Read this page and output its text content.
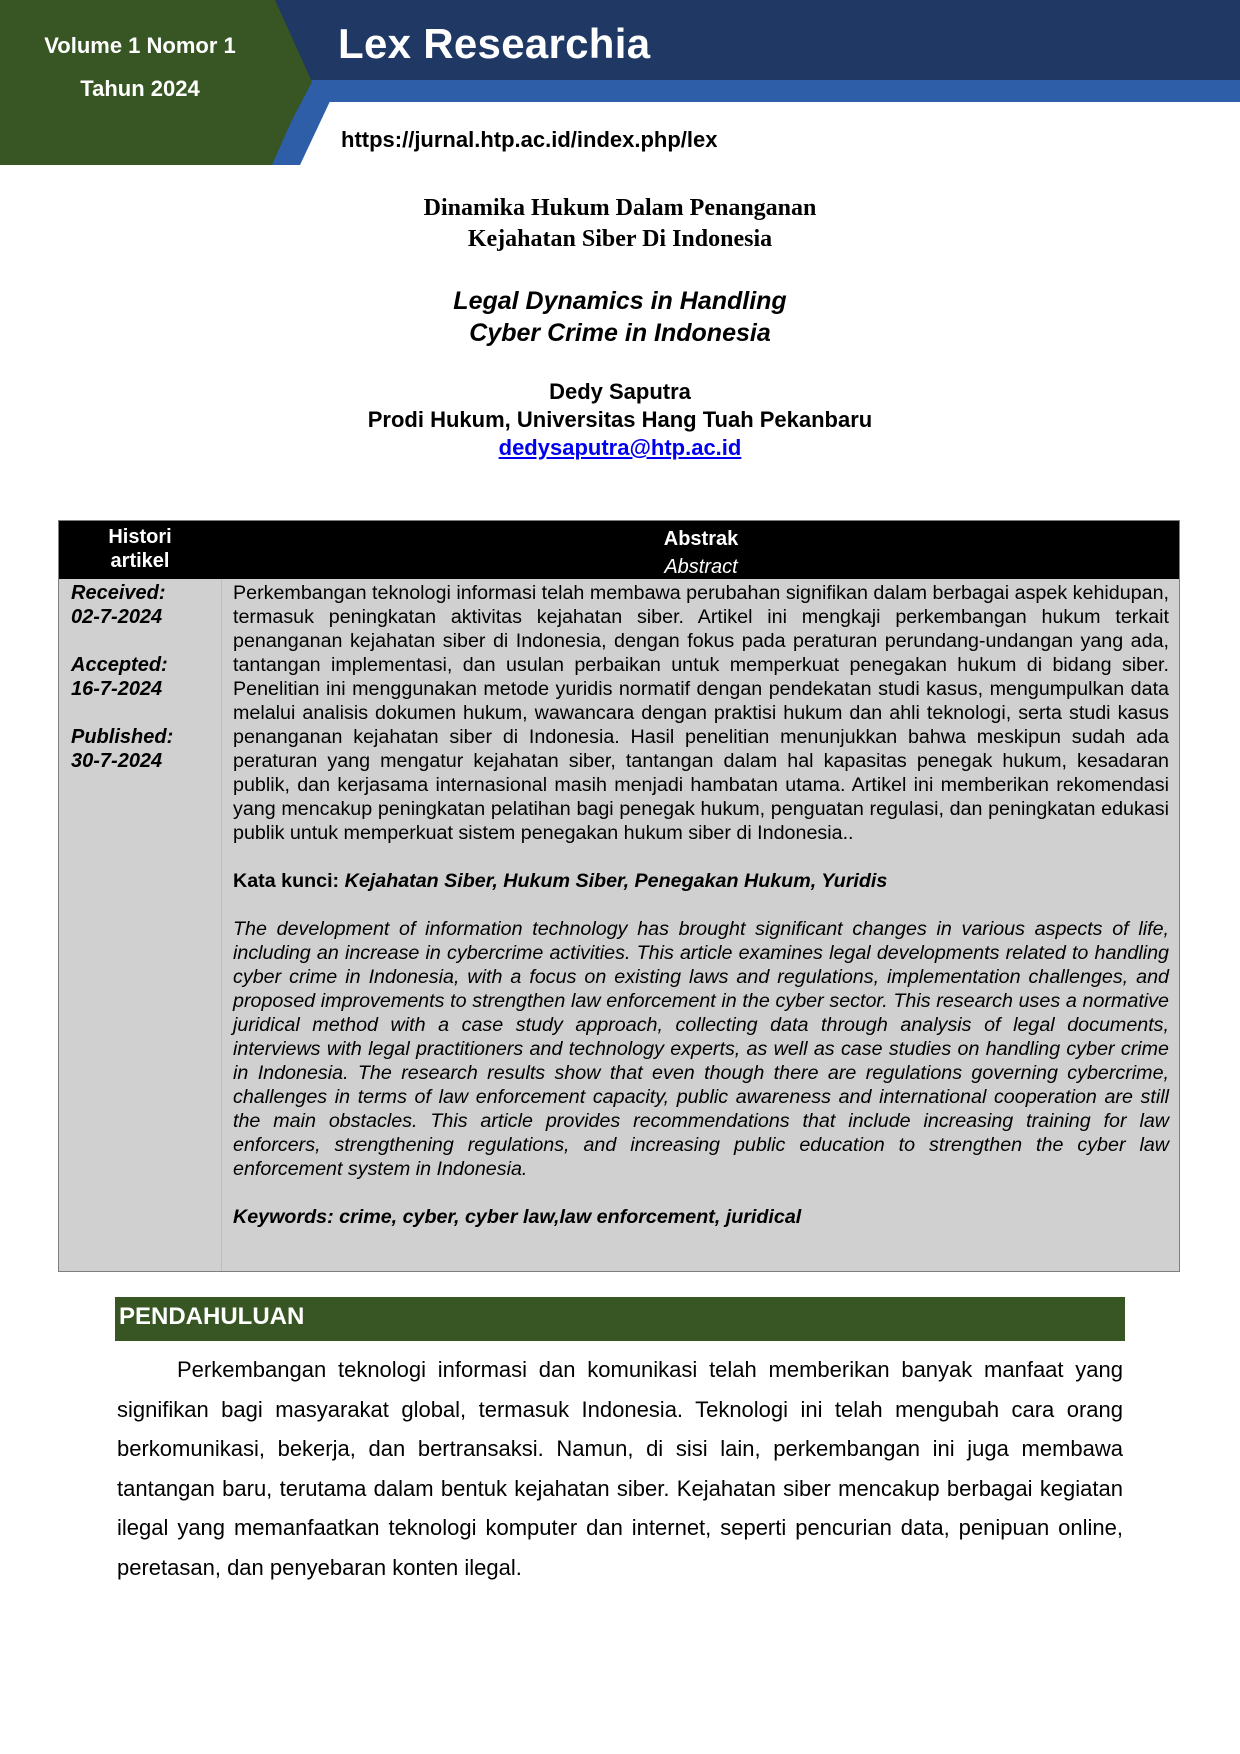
Volume 1 Nomor 1
Tahun 2024
Lex Researchia
https://jurnal.htp.ac.id/index.php/lex
Dinamika Hukum Dalam Penanganan
Kejahatan Siber Di Indonesia
Legal Dynamics in Handling
Cyber Crime in Indonesia
Dedy Saputra
Prodi Hukum, Universitas Hang Tuah Pekanbaru
dedysaputra@htp.ac.id
Histori
artikel
Abstrak
Abstract
Received:
02-7-2024
Accepted:
16-7-2024
Published:
30-7-2024

Perkembangan teknologi informasi telah membawa perubahan signifikan dalam berbagai aspek kehidupan, termasuk peningkatan aktivitas kejahatan siber. Artikel ini mengkaji perkembangan hukum terkait penanganan kejahatan siber di Indonesia, dengan fokus pada peraturan perundang-undangan yang ada, tantangan implementasi, dan usulan perbaikan untuk memperkuat penegakan hukum di bidang siber. Penelitian ini menggunakan metode yuridis normatif dengan pendekatan studi kasus, mengumpulkan data melalui analisis dokumen hukum, wawancara dengan praktisi hukum dan ahli teknologi, serta studi kasus penanganan kejahatan siber di Indonesia. Hasil penelitian menunjukkan bahwa meskipun sudah ada peraturan yang mengatur kejahatan siber, tantangan dalam hal kapasitas penegak hukum, kesadaran publik, dan kerjasama internasional masih menjadi hambatan utama. Artikel ini memberikan rekomendasi yang mencakup peningkatan pelatihan bagi penegak hukum, penguatan regulasi, dan peningkatan edukasi publik untuk memperkuat sistem penegakan hukum siber di Indonesia..

Kata kunci: Kejahatan Siber, Hukum Siber, Penegakan Hukum, Yuridis

The development of information technology has brought significant changes in various aspects of life, including an increase in cybercrime activities. This article examines legal developments related to handling cyber crime in Indonesia, with a focus on existing laws and regulations, implementation challenges, and proposed improvements to strengthen law enforcement in the cyber sector. This research uses a normative juridical method with a case study approach, collecting data through analysis of legal documents, interviews with legal practitioners and technology experts, as well as case studies on handling cyber crime in Indonesia. The research results show that even though there are regulations governing cybercrime, challenges in terms of law enforcement capacity, public awareness and international cooperation are still the main obstacles. This article provides recommendations that include increasing training for law enforcers, strengthening regulations, and increasing public education to strengthen the cyber law enforcement system in Indonesia.

Keywords: crime, cyber, cyber law,law enforcement, juridical

PENDAHULUAN

Perkembangan teknologi informasi dan komunikasi telah memberikan banyak manfaat yang signifikan bagi masyarakat global, termasuk Indonesia. Teknologi ini telah mengubah cara orang berkomunikasi, bekerja, dan bertransaksi. Namun, di sisi lain, perkembangan ini juga membawa tantangan baru, terutama dalam bentuk kejahatan siber. Kejahatan siber mencakup berbagai kegiatan ilegal yang memanfaatkan teknologi komputer dan internet, seperti pencurian data, penipuan online, peretasan, dan penyebaran konten ilegal.
